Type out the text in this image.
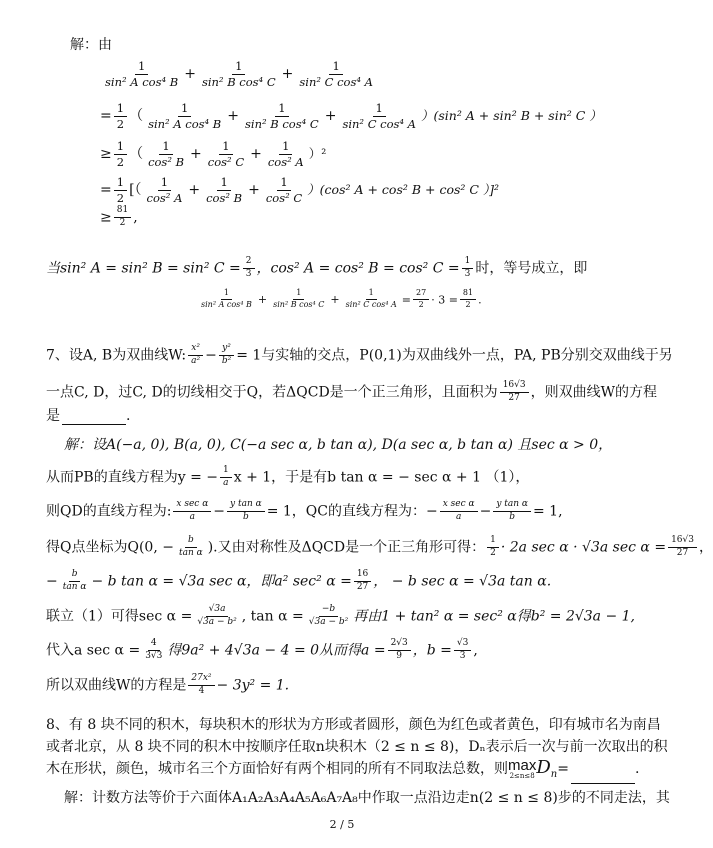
解：由
$\frac{1}{\text{sin² A cos⁴ B}} + \frac{1}{\text{sin² B cos⁴ C}} + \frac{1}{\text{sin² C cos⁴ A}}$
= $\frac{1}{2}$ （ $\frac{1}{\text{sin² A cos⁴ B}} + \frac{1}{\text{sin² B cos⁴ C}} + \frac{1}{\text{sin² C cos⁴ A}} )(\sin^2$ A + sin² B + sin² C ）
≥ $\frac{1}{2}$ （ $\frac{1}{\text{cos² B}} + \frac{1}{\text{cos² C}} + \frac{1}{\text{cos² A}} )^2$
= $\frac{1}{2}$ [（ $\frac{1}{\text{cos² A}} + \frac{1}{\text{cos² B}} + \frac{1}{\text{cos² C}} )(\cos^2$ A + cos² B + cos² C ）]²
≥ $\frac{81}{2}$ ,
当sin² A = sin² B = sin² $C = \frac{2}{3}$ ，cos² A = cos² B = cos² $C = \frac{1}{3}$ 时，等号成立，即
$\frac{1}{\text{sin² A cos⁴ B}} + \frac{1}{\text{sin² B cos⁴ C}} + \frac{1}{\text{sin² C cos⁴ A}} = \frac{27}{2} \cdot 3 = \frac{81}{2}$ .
7、设A, B为双曲线W: $\frac{\text{x²}}{\text{a²}} - \frac{\text{y²}}{\text{b²}} = 1$与实轴的交点，P(0,1)为双曲线外一点，PA, PB分别交双曲线于另
一点C, D，过C, D的切线相交于Q，若ΔQCD是一个正三角形，且面积为 $\frac{16√3}{27}$ ，则双曲线W的方程
是	.
解：设A(−a, 0), B(a, 0), C(−a sec α, b tan α), D(a sec α, b tan α) 且sec α > 0，
从而PB的直线方程为y = − $\frac{1}{a}$ x + 1，于是有b tan α = − sec α + 1 （1），
则QD的直线方程为: x sec α
$a - \frac{\text{y tan α}}{b} = 1$，QC的直线方程为：− x sec α
$a - \frac{\text{y tan α}}{b} = 1$,
得Q点坐标为Q(0, − $\frac{b}{\text{tan α}}$ ).又由对称性及ΔQCD是一个正三角形可得： $\frac{1}{2} \cdot 2a$ sec α · √3a $\sec \alpha = \frac{16√3}{27}$ ，
− $\frac{b}{\text{tan α}} - b$ tan α = √3a sec α，即a² sec² $\alpha = \frac{16}{27}$ ， − b sec α = √3a tan α.
联立（1）可得$\sec \alpha = \frac{√3a}{\text{√3a − b²}}$ , $\tan \alpha = \frac{-b}{\text{√3a − b²}}$ 再由1 + tan² α = sec² α得b² = 2√3a − 1,
代入a $\sec \alpha = \frac{4}{3√3}$ 得9a² + 4√3a − 4 = 0从而得$a = \frac{2√3}{9}$ ，$b = \frac{√3}{3}$ ,
所以双曲线W的方程是 $\frac{\text{27x²}}{4} - 3y^2 = 1$.
8、有 8 块不同的积木，每块积木的形状为方形或者圆形，颜色为红色或者黄色，印有城市名为南昌
或者北京，从 8 块不同的积木中按顺序任取n块积木（2 ≤ n ≤ 8)，Dₙ表示后一次与前一次取出的积
木在形状，颜色，城市名三个方面恰好有两个相同的所有不同取法总数，则 max
2≤n≤8 $D_n=$	.
解：计数方法等价于六面体A₁A₂A₃A₄A₅A₆A₇A₈中作取一点沿边走n(2 ≤ n ≤ 8)步的不同走法，其
2 / 5
